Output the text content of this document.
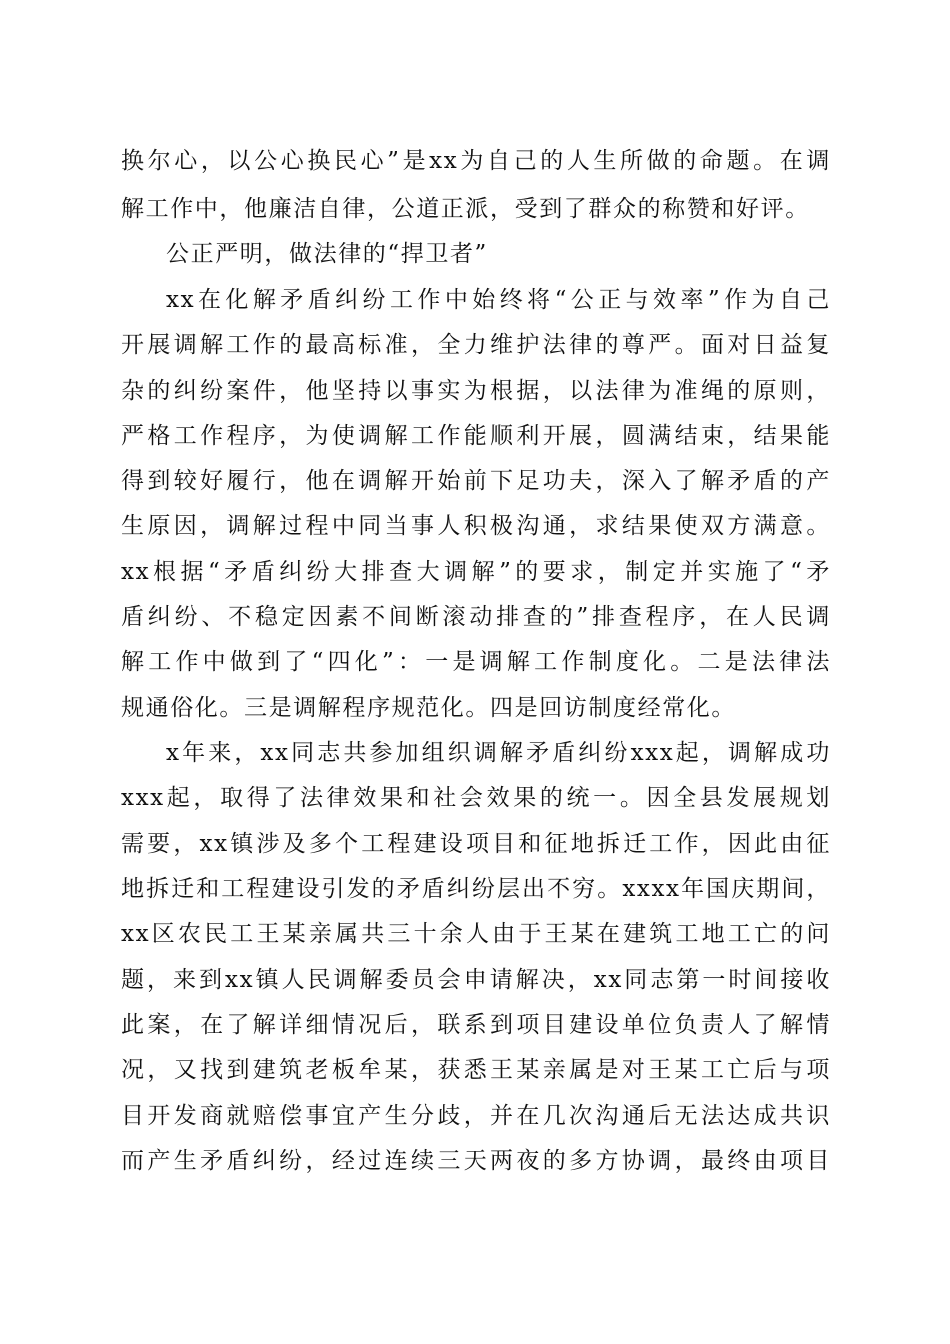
换尔心，以公心换民心”是xx为自己的人生所做的命题。在调
解工作中，他廉洁自律，公道正派，受到了群众的称赞和好评。
公正严明，做法律的“捍卫者”
xx在化解矛盾纠纷工作中始终将“公正与效率”作为自己
开展调解工作的最高标准，全力维护法律的尊严。面对日益复
杂的纠纷案件，他坚持以事实为根据，以法律为准绳的原则，
严格工作程序，为使调解工作能顺利开展，圆满结束，结果能
得到较好履行，他在调解开始前下足功夫，深入了解矛盾的产
生原因，调解过程中同当事人积极沟通，求结果使双方满意。
xx根据“矛盾纠纷大排查大调解”的要求，制定并实施了“矛
盾纠纷、不稳定因素不间断滚动排查的”排查程序，在人民调
解工作中做到了“四化”：一是调解工作制度化。二是法律法
规通俗化。三是调解程序规范化。四是回访制度经常化。
x年来，xx同志共参加组织调解矛盾纠纷xxx起，调解成功
xxx起，取得了法律效果和社会效果的统一。因全县发展规划
需要，xx镇涉及多个工程建设项目和征地拆迁工作，因此由征
地拆迁和工程建设引发的矛盾纠纷层出不穷。xxxx年国庆期间，
xx区农民工王某亲属共三十余人由于王某在建筑工地工亡的问
题，来到xx镇人民调解委员会申请解决，xx同志第一时间接收
此案，在了解详细情况后，联系到项目建设单位负责人了解情
况，又找到建筑老板牟某，获悉王某亲属是对王某工亡后与项
目开发商就赔偿事宜产生分歧，并在几次沟通后无法达成共识
而产生矛盾纠纷，经过连续三天两夜的多方协调，最终由项目
